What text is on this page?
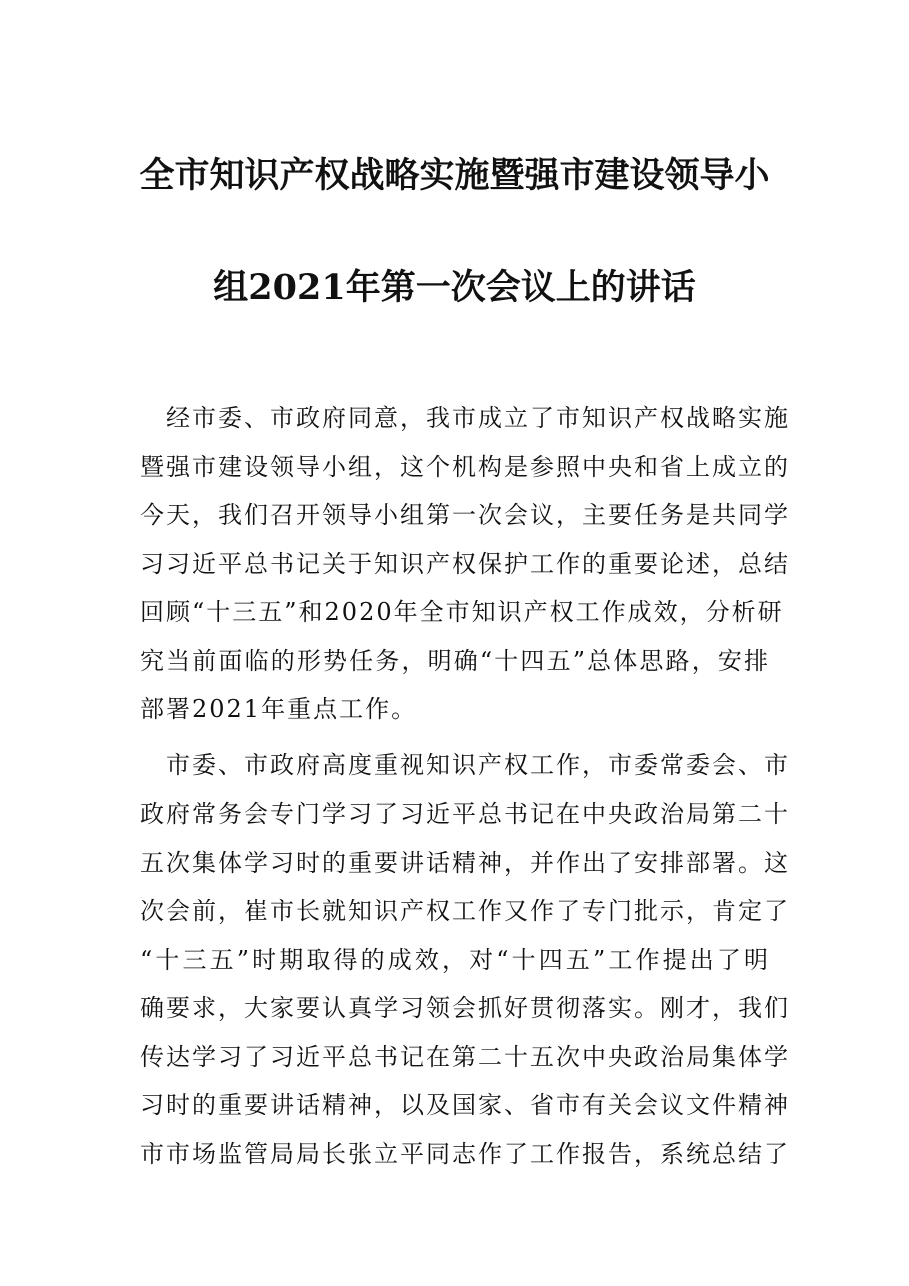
全市知识产权战略实施暨强市建设领导小
组2021年第一次会议上的讲话
　经市委、市政府同意，我市成立了市知识产权战略实施
暨强市建设领导小组，这个机构是参照中央和省上成立的
今天，我们召开领导小组第一次会议，主要任务是共同学
习习近平总书记关于知识产权保护工作的重要论述，总结
回顾“十三五”和2020年全市知识产权工作成效，分析研
究当前面临的形势任务，明确“十四五”总体思路，安排
部署2021年重点工作。
　市委、市政府高度重视知识产权工作，市委常委会、市
政府常务会专门学习了习近平总书记在中央政治局第二十
五次集体学习时的重要讲话精神，并作出了安排部署。这
次会前，崔市长就知识产权工作又作了专门批示，肯定了
“十三五”时期取得的成效，对“十四五”工作提出了明
确要求，大家要认真学习领会抓好贯彻落实。刚才，我们
传达学习了习近平总书记在第二十五次中央政治局集体学
习时的重要讲话精神，以及国家、省市有关会议文件精神
市市场监管局局长张立平同志作了工作报告，系统总结了
